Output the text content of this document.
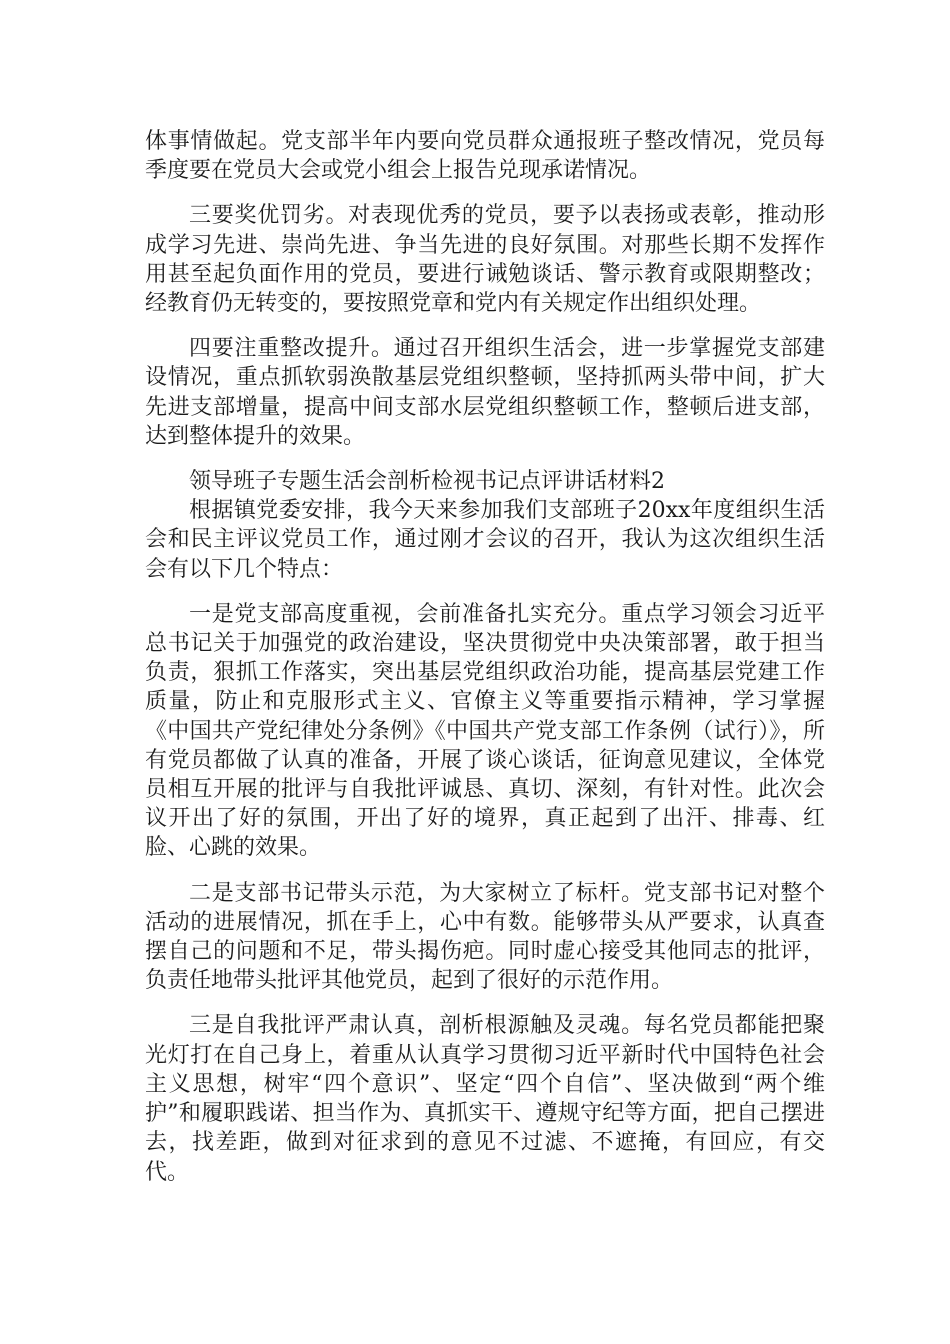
体事情做起。党支部半年内要向党员群众通报班子整改情况，党员每季度要在党员大会或党小组会上报告兑现承诺情况。

三要奖优罚劣。对表现优秀的党员，要予以表扬或表彰，推动形成学习先进、崇尚先进、争当先进的良好氛围。对那些长期不发挥作用甚至起负面作用的党员，要进行诫勉谈话、警示教育或限期整改；经教育仍无转变的，要按照党章和党内有关规定作出组织处理。

四要注重整改提升。通过召开组织生活会，进一步掌握党支部建设情况，重点抓软弱涣散基层党组织整顿，坚持抓两头带中间，扩大先进支部增量，提高中间支部水层党组织整顿工作，整顿后进支部，达到整体提升的效果。

领导班子专题生活会剖析检视书记点评讲话材料2

根据镇党委安排，我今天来参加我们支部班子20xx年度组织生活会和民主评议党员工作，通过刚才会议的召开，我认为这次组织生活会有以下几个特点：

一是党支部高度重视，会前准备扎实充分。重点学习领会习近平总书记关于加强党的政治建设，坚决贯彻党中央决策部署，敢于担当负责，狠抓工作落实，突出基层党组织政治功能，提高基层党建工作质量，防止和克服形式主义、官僚主义等重要指示精神，学习掌握《中国共产党纪律处分条例》《中国共产党支部工作条例（试行）》，所有党员都做了认真的准备，开展了谈心谈话，征询意见建议，全体党员相互开展的批评与自我批评诚恳、真切、深刻，有针对性。此次会议开出了好的氛围，开出了好的境界，真正起到了出汗、排毒、红脸、心跳的效果。

二是支部书记带头示范，为大家树立了标杆。党支部书记对整个活动的进展情况，抓在手上，心中有数。能够带头从严要求，认真查摆自己的问题和不足，带头揭伤疤。同时虚心接受其他同志的批评，负责任地带头批评其他党员，起到了很好的示范作用。

三是自我批评严肃认真，剖析根源触及灵魂。每名党员都能把聚光灯打在自己身上，着重从认真学习贯彻习近平新时代中国特色社会主义思想，树牢“四个意识”、坚定“四个自信”、坚决做到“两个维护”和履职践诺、担当作为、真抓实干、遵规守纪等方面，把自己摆进去，找差距，做到对征求到的意见不过滤、不遮掩，有回应，有交代。
